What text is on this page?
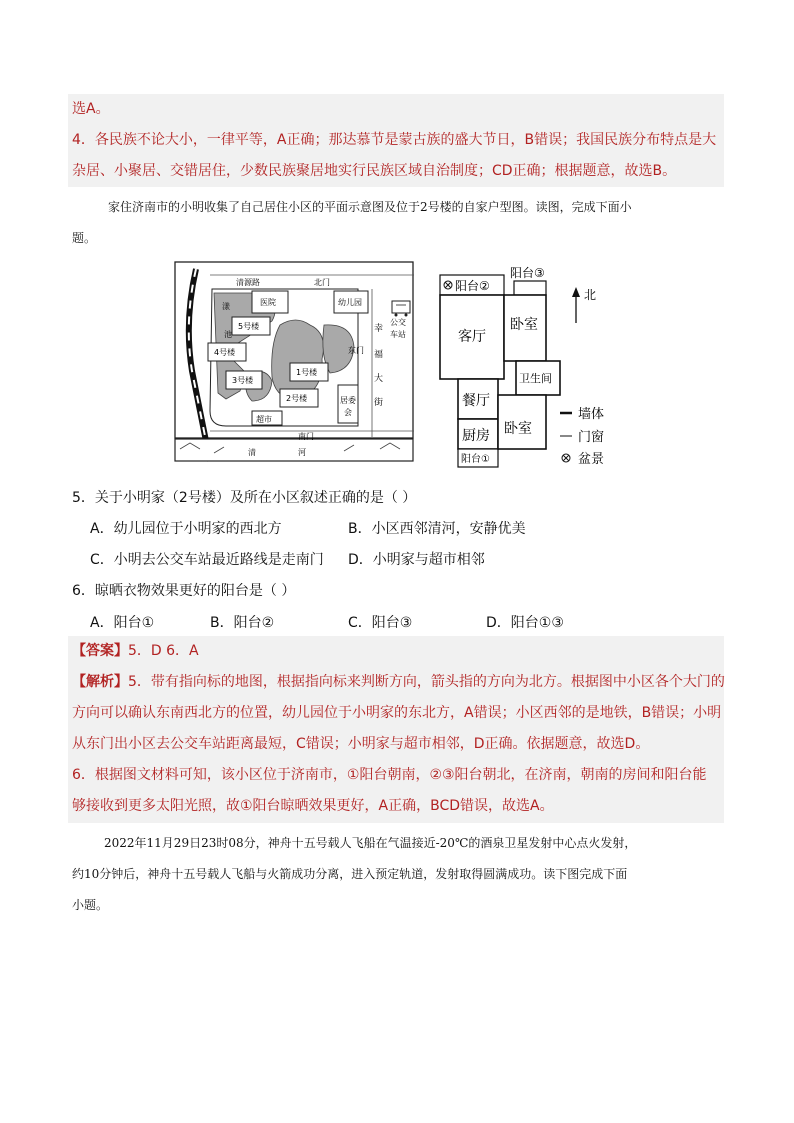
选A。
4．各民族不论大小，一律平等，A正确；那达慕节是蒙古族的盛大节日，B错误；我国民族分布特点是大
杂居、小聚居、交错居住，少数民族聚居地实行民族区域自治制度；CD正确；根据题意，故选B。
家住济南市的小明收集了自己居住小区的平面示意图及位于2号楼的自家户型图。读图，完成下面小
题。
清源路	北门
医院	幼儿园
漾
池
5号楼
4号楼
3号楼
1号楼
2号楼
超市
居委
会
东门
南门
清	河
公交
车站
幸
福
大
街
阳台②
阳台③
北
客厅
卧室
卫生间
餐厅
厨房 卧室
阳台①
墙体
门窗
盆景
5．关于小明家（2号楼）及所在小区叙述正确的是（ ）
A．幼儿园位于小明家的西北方	B．小区西邻清河，安静优美
C．小明去公交车站最近路线是走南门 D．小明家与超市相邻
6．晾晒衣物效果更好的阳台是（ ）
A．阳台①	B．阳台②	C．阳台③	D．阳台①③
【答案】5．D 6．A
【解析】5．带有指向标的地图，根据指向标来判断方向，箭头指的方向为北方。根据图中小区各个大门的
方向可以确认东南西北方的位置，幼儿园位于小明家的东北方，A错误；小区西邻的是地铁，B错误；小明
从东门出小区去公交车站距离最短，C错误；小明家与超市相邻，D正确。依据题意，故选D。
6．根据图文材料可知，该小区位于济南市，①阳台朝南，②③阳台朝北，在济南，朝南的房间和阳台能
够接收到更多太阳光照，故①阳台晾晒效果更好，A正确，BCD错误，故选A。
2022年11月29日23时08分，神舟十五号载人飞船在气温接近-20℃的酒泉卫星发射中心点火发射，
约10分钟后，神舟十五号载人飞船与火箭成功分离，进入预定轨道，发射取得圆满成功。读下图完成下面
小题。
